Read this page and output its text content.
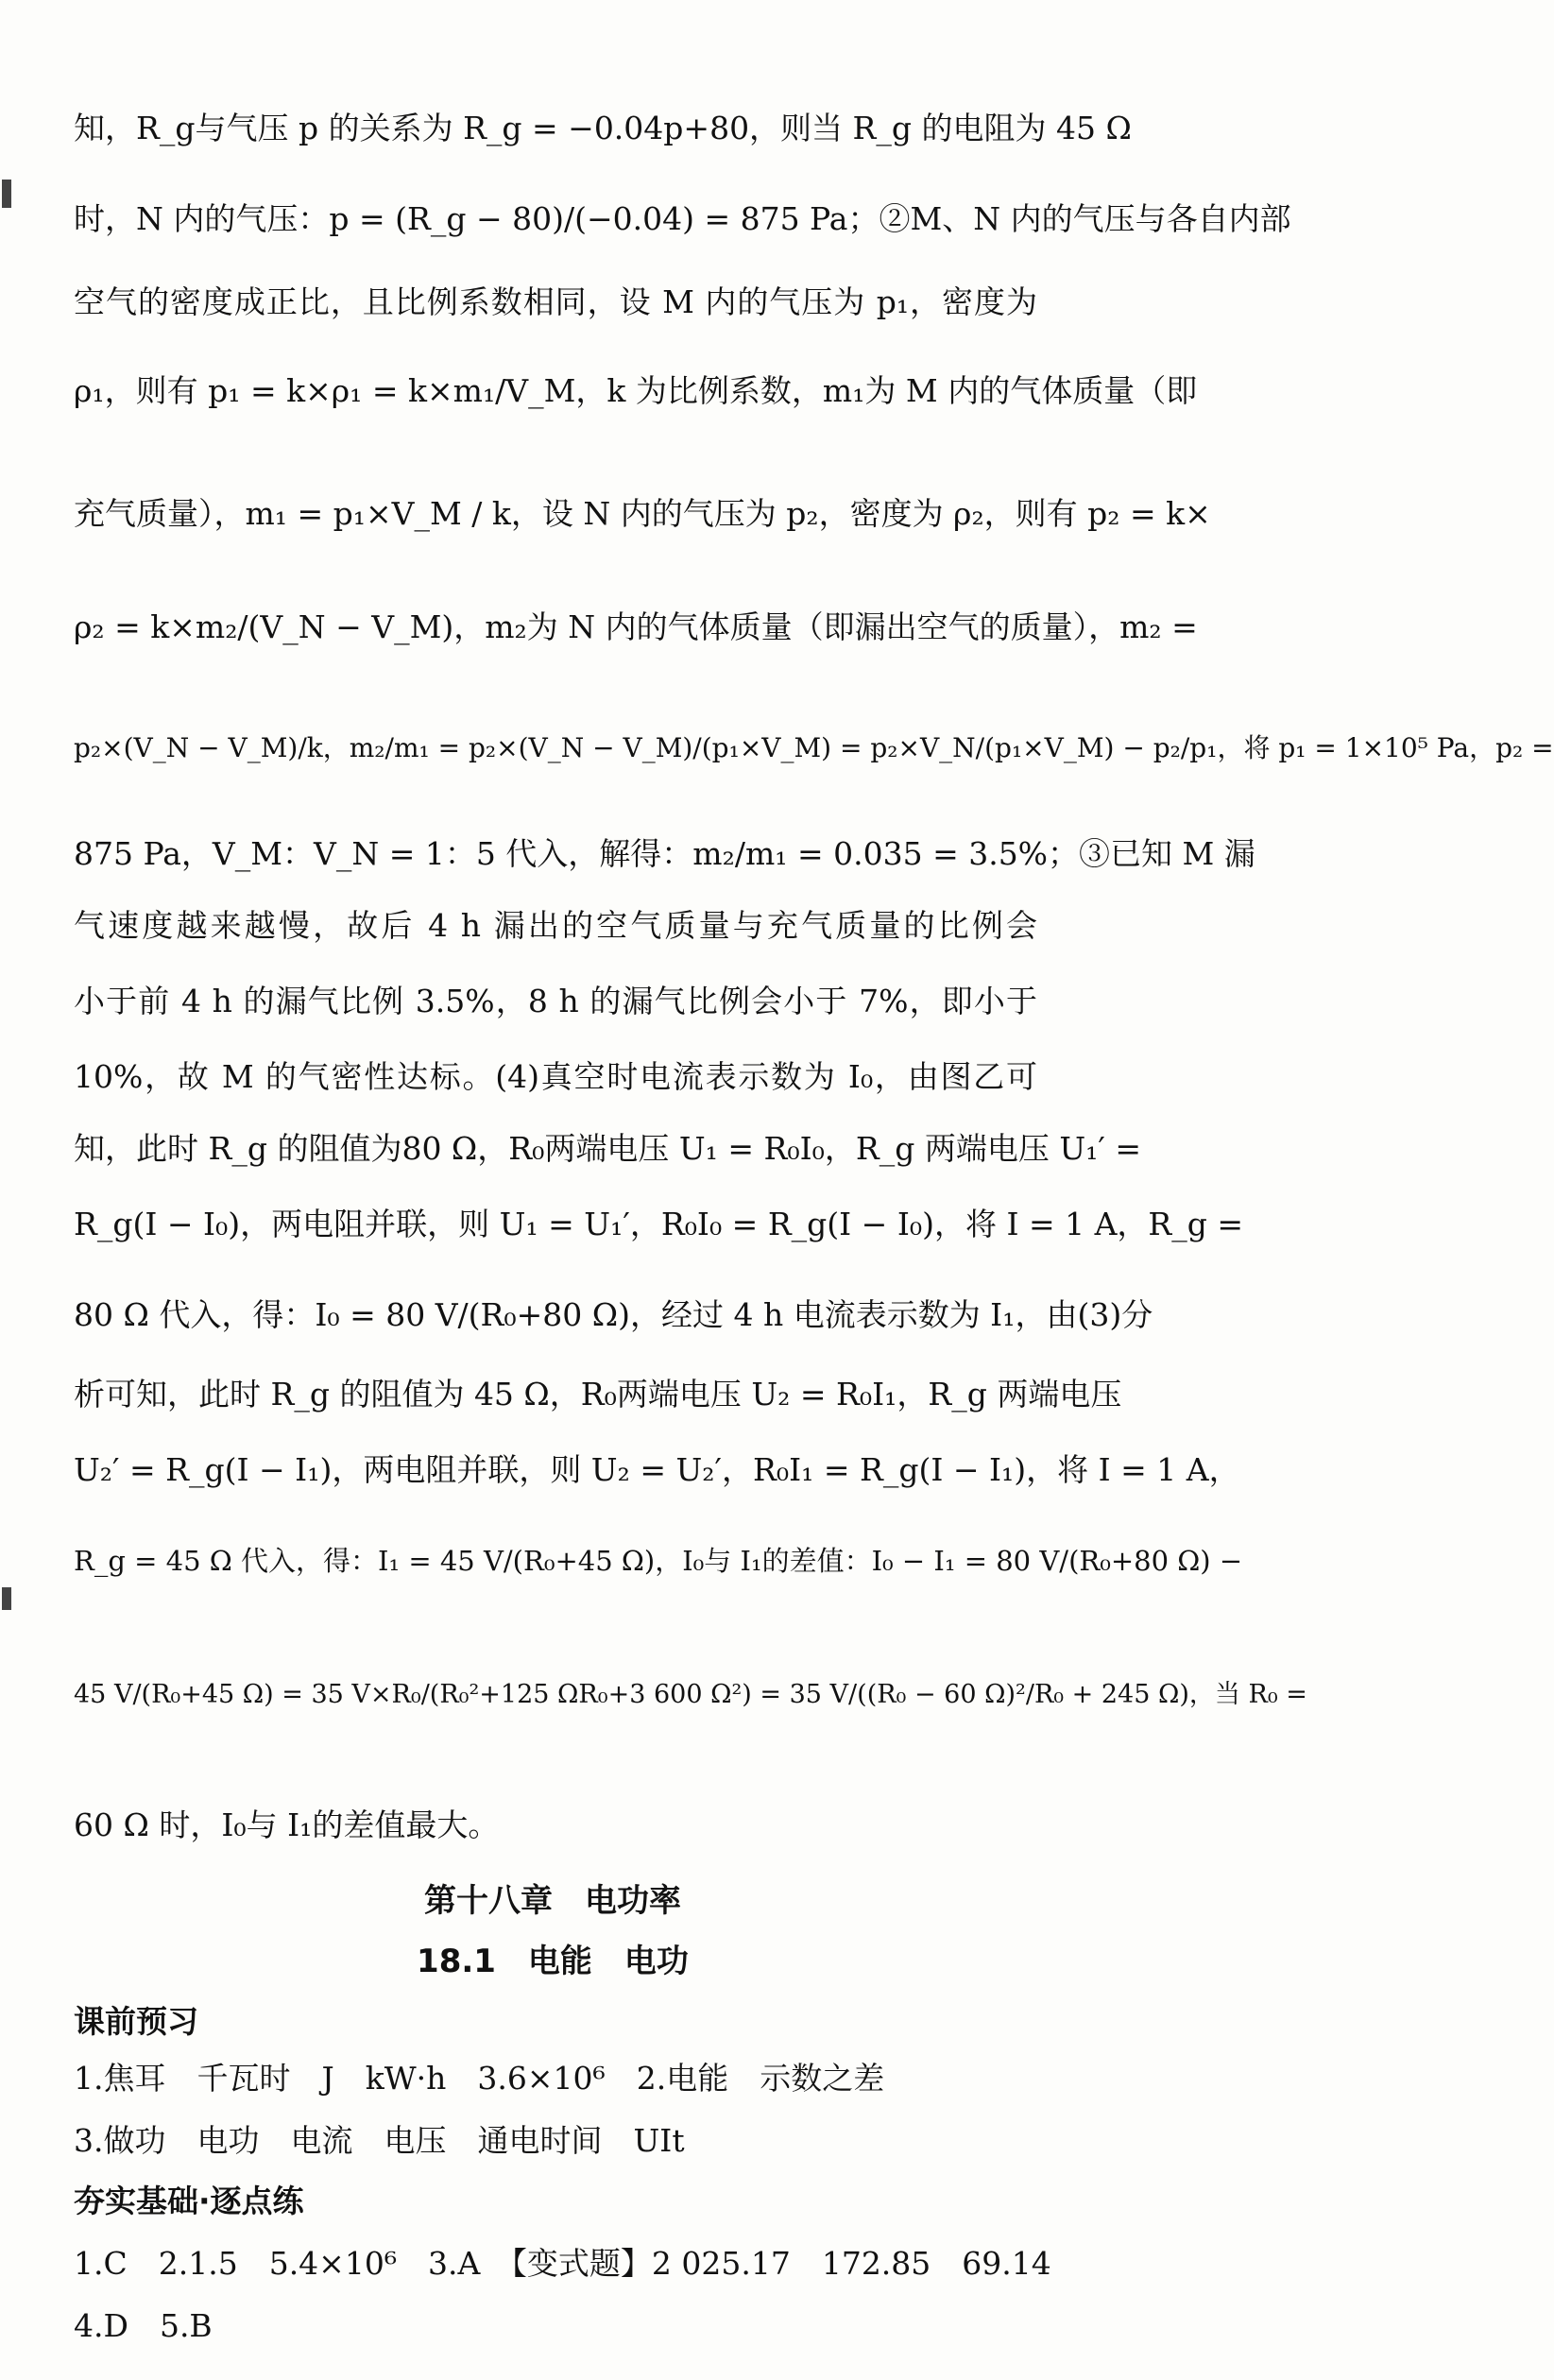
知，R_g与气压 p 的关系为 R_g = −0.04p+80，则当 R_g 的电阻为 45 Ω
时，N 内的气压：p = (R_g − 80)/(−0.04) = 875 Pa；②M、N 内的气压与各自内部
空气的密度成正比，且比例系数相同，设 M 内的气压为 p₁，密度为
ρ₁，则有 p₁ = k×ρ₁ = k×m₁/V_M，k 为比例系数，m₁为 M 内的气体质量（即
充气质量），m₁ = p₁×V_M / k，设 N 内的气压为 p₂，密度为 ρ₂，则有 p₂ = k×
ρ₂ = k×m₂/(V_N − V_M)，m₂为 N 内的气体质量（即漏出空气的质量），m₂ =
p₂×(V_N − V_M)/k，m₂/m₁ = p₂×(V_N − V_M)/(p₁×V_M) = p₂×V_N/(p₁×V_M) − p₂/p₁，将 p₁ = 1×10⁵ Pa，p₂ =
875 Pa，V_M：V_N = 1：5 代入，解得：m₂/m₁ = 0.035 = 3.5%；③已知 M 漏
气速度越来越慢，故后 4 h 漏出的空气质量与充气质量的比例会
小于前 4 h 的漏气比例 3.5%，8 h 的漏气比例会小于 7%，即小于
10%，故 M 的气密性达标。(4)真空时电流表示数为 I₀，由图乙可
知，此时 R_g 的阻值为80 Ω，R₀两端电压 U₁ = R₀I₀，R_g 两端电压 U₁′ =
R_g(I − I₀)，两电阻并联，则 U₁ = U₁′，R₀I₀ = R_g(I − I₀)，将 I = 1 A，R_g =
80 Ω 代入，得：I₀ = 80 V/(R₀+80 Ω)，经过 4 h 电流表示数为 I₁，由(3)分
析可知，此时 R_g 的阻值为 45 Ω，R₀两端电压 U₂ = R₀I₁，R_g 两端电压
U₂′ = R_g(I − I₁)，两电阻并联，则 U₂ = U₂′，R₀I₁ = R_g(I − I₁)，将 I = 1 A，
R_g = 45 Ω 代入，得：I₁ = 45 V/(R₀+45 Ω)，I₀与 I₁的差值：I₀ − I₁ = 80 V/(R₀+80 Ω) −
45 V/(R₀+45 Ω) = 35 V×R₀/(R₀²+125 ΩR₀+3 600 Ω²) = 35 V/((R₀ − 60 Ω)²/R₀ + 245 Ω)，当 R₀ =
60 Ω 时，I₀与 I₁的差值最大。
第十八章　电功率
18.1　电能　电功
课前预习
1.焦耳　千瓦时　J　kW·h　3.6×10⁶　2.电能　示数之差
3.做功　电功　电流　电压　通电时间　UIt
夯实基础·逐点练
1.C　2.1.5　5.4×10⁶　3.A　【变式题】2 025.17　172.85　69.14
4.D　5.B
